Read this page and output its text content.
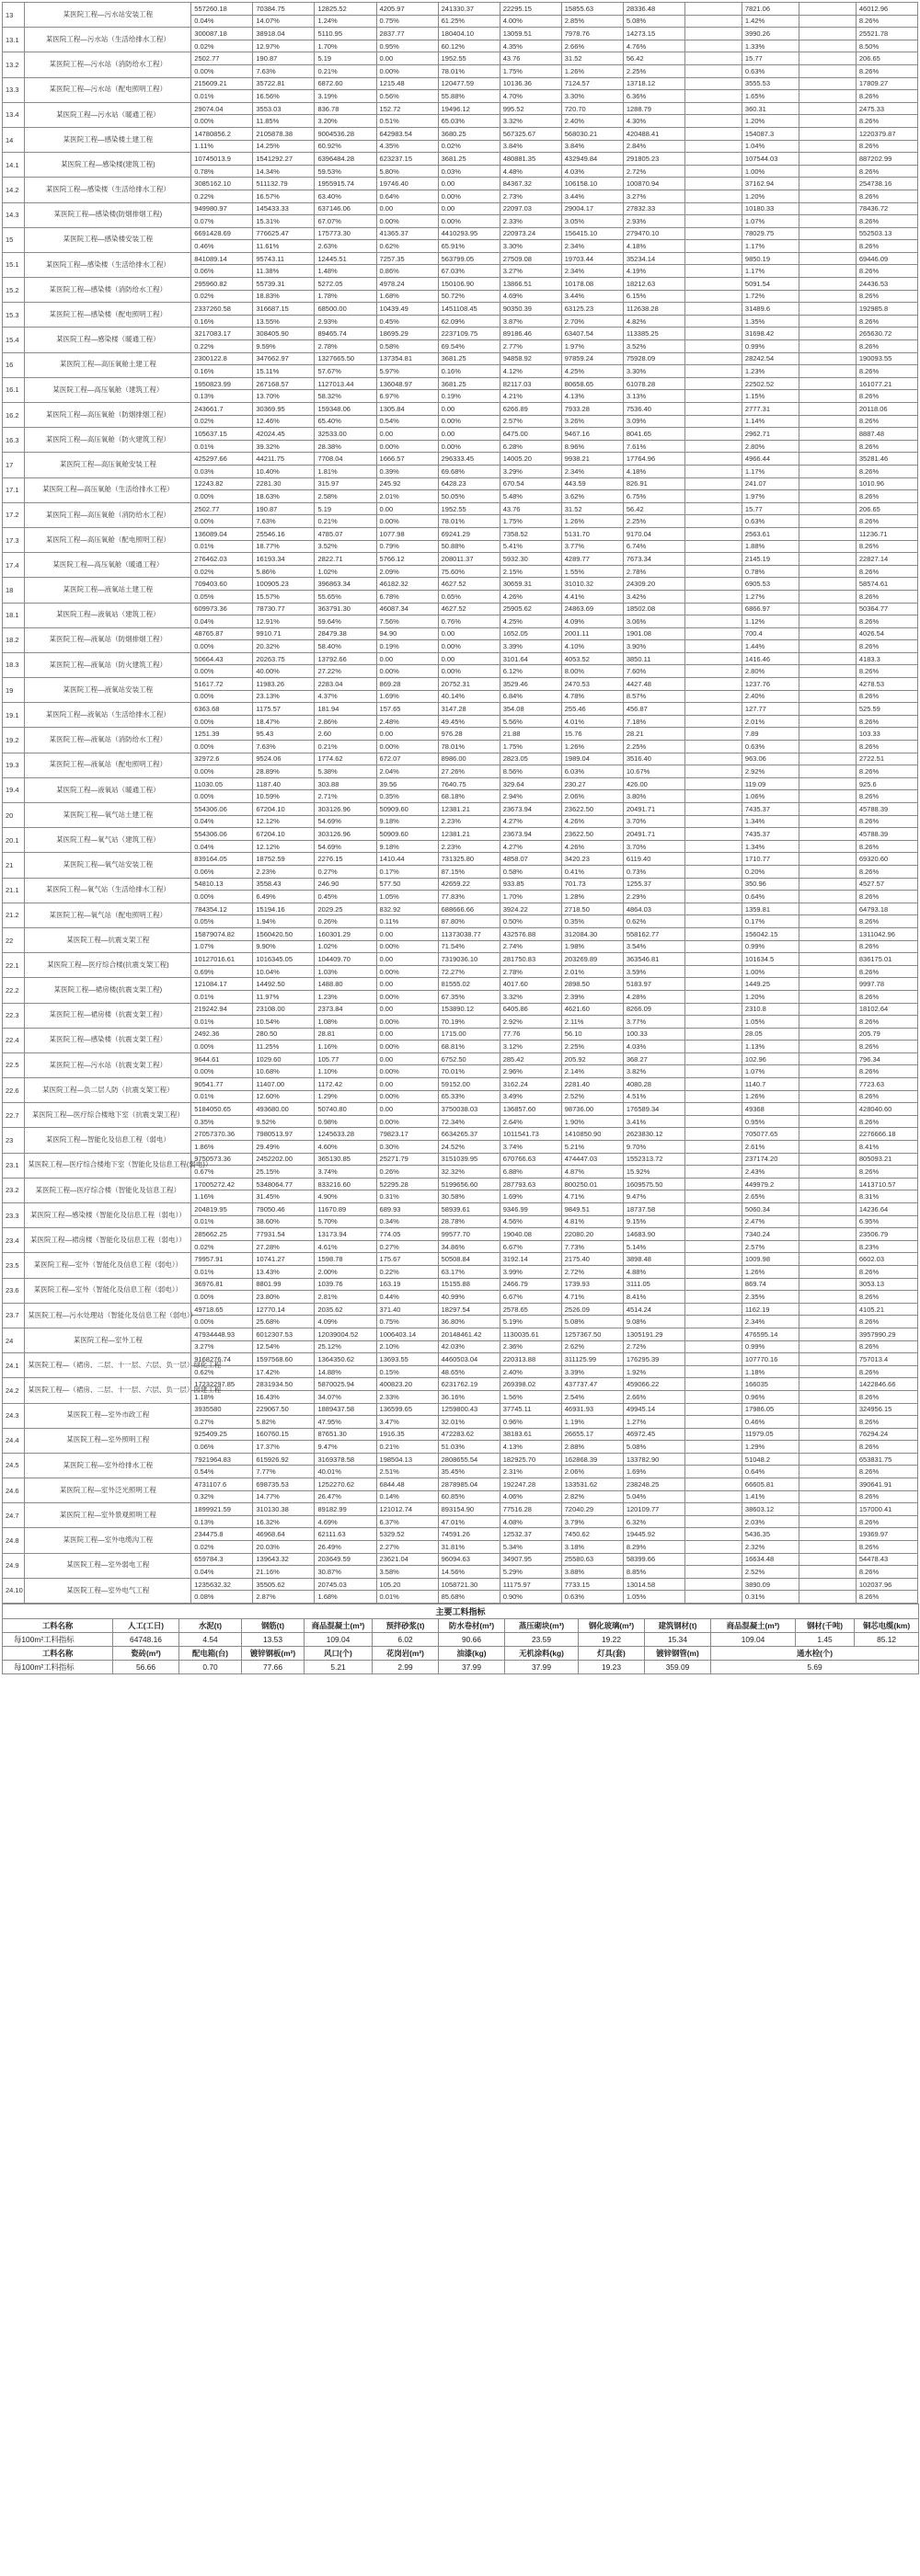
13	某医院工程—污水站安装工程	557260.18	70384.75	12825.52	4205.97	241330.37	22295.15	15855.63	28336.48		7821.06		46012.96
		0.04%	14.07%	1.24%	0.75%	61.25%	4.00%	2.85%	5.08%		1.42%		8.26%
13.1	某医院工程—污水站（生活给排水工程）	300087.18	38918.04	5110.95	2837.77	180404.10	13059.51	7978.76	14273.15		3990.26		25521.78
		0.02%	12.97%	1.70%	0.95%	60.12%	4.35%	2.66%	4.76%		1.33%		8.50%
13.2	某医院工程—污水站（消防给水工程）	2502.77	190.87	5.19	0.00	1952.55	43.76	31.52	56.42		15.77		206.65
		0.00%	7.63%	0.21%	0.00%	78.01%	1.75%	1.26%	2.25%		0.63%		8.26%
13.3	某医院工程—污水站（配电照明工程）	215609.21	35722.81	6872.60	1215.48	120477.59	10136.36	7124.57	13718.12		3555.53		17809.27
		0.01%	16.56%	3.19%	0.56%	55.88%	4.70%	3.30%	6.36%		1.65%		8.26%
13.4	某医院工程—污水站（暖通工程）	29074.04	3553.03	836.78	152.72	19496.12	995.52	720.70	1288.79		360.31		2475.33
		0.00%	11.85%	3.20%	0.51%	65.03%	3.32%	2.40%	4.30%		1.20%		8.26%
14	某医院工程—感染楼土建工程	14780856.2	2105878.38	9004536.28	642983.54	3680.25	567325.67	568030.21	420488.41		154087.3		1220379.87
		1.11%	14.25%	60.92%	4.35%	0.02%	3.84%	3.84%	2.84%		1.04%		8.26%
14.1	某医院工程—感染楼(建筑工程)	10745013.9	1541292.27	6396484.28	623237.15	3681.25	480881.35	432949.84	291805.23		107544.03		887202.99
		0.78%	14.34%	59.53%	5.80%	0.03%	4.48%	4.03%	2.72%		1.00%		8.26%
14.2	某医院工程—感染楼（生活给排水工程）	3085162.10	511132.79	1955915.74	19746.40	0.00	84367.32	106158.10	100870.94		37162.94		254738.16
		0.22%	16.57%	63.40%	0.64%	0.00%	2.73%	3.44%	3.27%		1.20%		8.26%
14.3	某医院工程—感染楼(防烟排烟工程)	949980.97	145433.33	637146.06	0.00	0.00	22097.03	29004.17	27832.33		10180.33		78436.72
		0.07%	15.31%	67.07%	0.00%	0.00%	2.33%	3.05%	2.93%		1.07%		8.26%
15	某医院工程—感染楼安装工程	6691428.69	776625.47	175773.30	41365.37	4410293.95	220973.24	156415.10	279470.10		78029.75		552503.13
		0.46%	11.61%	2.63%	0.62%	65.91%	3.30%	2.34%	4.18%		1.17%		8.26%
15.1	某医院工程—感染楼（生活给排水工程）	841089.14	95743.11	12445.51	7257.35	563799.05	27509.08	19703.44	35234.14		9850.19		69446.09
		0.06%	11.38%	1.48%	0.86%	67.03%	3.27%	2.34%	4.19%		1.17%		8.26%
15.2	某医院工程—感染楼（消防给水工程）	295960.82	55739.31	5272.05	4978.24	150106.90	13866.51	10178.08	18212.63		5091.54		24436.53
		0.02%	18.83%	1.78%	1.68%	50.72%	4.69%	3.44%	6.15%		1.72%		8.26%
15.3	某医院工程—感染楼（配电照明工程）	2337260.58	316687.15	68500.00	10439.49	1451108.45	90350.39	63125.23	112638.28		31489.6		192985.8
		0.16%	13.55%	2.93%	0.45%	62.09%	3.87%	2.70%	4.82%		1.35%		8.26%
15.4	某医院工程—感染楼（暖通工程）	3217083.17	308405.90	89465.74	18695.29	2237109.75	89186.46	63407.54	113385.25		31698.42		265630.72
		0.22%	9.59%	2.78%	0.58%	69.54%	2.77%	1.97%	3.52%		0.99%		8.26%
16	某医院工程—高压氧舱土建工程	2300122.8	347662.97	1327665.50	137354.81	3681.25	94858.92	97859.24	75928.09		28242.54		190093.55
		0.16%	15.11%	57.67%	5.97%	0.16%	4.12%	4.25%	3.30%		1.23%		8.26%
16.1	某医院工程—高压氧舱（建筑工程）	1950823.99	267168.57	1127013.44	136048.97	3681.25	82117.03	80658.65	61078.28		22502.52		161077.21
		0.13%	13.70%	58.32%	6.97%	0.19%	4.21%	4.13%	3.13%		1.15%		8.26%
16.2	某医院工程—高压氧舱（防烟排烟工程）	243661.7	30369.95	159348.06	1305.84	0.00	6266.89	7933.28	7536.40		2777.31		20118.06
		0.02%	12.46%	65.40%	0.54%	0.00%	2.57%	3.26%	3.09%		1.14%		8.26%
16.3	某医院工程—高压氧舱（防火建筑工程）	105637.15	42024.45	32533.00	0.00	0.00	6475.00	9467.16	8041.65		2962.71		8887.48
		0.01%	39.32%	28.38%	0.00%	0.00%	6.28%	8.96%	7.61%		2.80%		8.26%
17	某医院工程—高压氧舱安装工程	425297.66	44211.75	7708.04	1666.57	296333.45	14005.20	9938.21	17764.96		4966.44		35281.46
		0.03%	10.40%	1.81%	0.39%	69.68%	3.29%	2.34%	4.18%		1.17%		8.26%
17.1	某医院工程—高压氧舱（生活给排水工程）	12243.82	2281.30	315.97	245.92	6428.23	670.54	443.59	826.91		241.07		1010.96
		0.00%	18.63%	2.58%	2.01%	50.05%	5.48%	3.62%	6.75%		1.97%		8.26%
17.2	某医院工程—高压氧舱（消防给水工程）	2502.77	190.87	5.19	0.00	1952.55	43.76	31.52	56.42		15.77		206.65
		0.00%	7.63%	0.21%	0.00%	78.01%	1.75%	1.26%	2.25%		0.63%		8.26%
17.3	某医院工程—高压氧舱（配电照明工程）	136089.04	25546.16	4785.07	1077.98	69241.29	7358.52	5131.70	9170.04		2563.61		11236.71
		0.01%	18.77%	3.52%	0.79%	50.88%	5.41%	3.77%	6.74%		1.88%		8.26%
17.4	某医院工程—高压氧舱（暖通工程）	276462.03	16193.34	2822.71	5766.12	208011.37	5932.30	4289.77	7673.34		2145.19		22827.14
		0.02%	5.86%	1.02%	2.09%	75.60%	2.15%	1.55%	2.78%		0.78%		8.26%
18	某医院工程—液氧站土建工程	709403.60	100905.23	396863.34	46182.32	4627.52	30659.31	31010.32	24309.20		6905.53		58574.61
		0.05%	15.57%	55.65%	6.78%	0.65%	4.26%	4.41%	3.42%		1.27%		8.26%
18.1	某医院工程—液氧站（建筑工程）	609973.36	78730.77	363791.30	46087.34	4627.52	25905.62	24863.69	18502.08		6866.97		50364.77
		0.04%	12.91%	59.64%	7.56%	0.76%	4.25%	4.09%	3.06%		1.12%		8.26%
18.2	某医院工程—液氧站（防烟排烟工程）	48765.87	9910.71	28479.38	94.90	0.00	1652.05	2001.11	1901.08		700.4		4026.54
		0.00%	20.32%	58.40%	0.19%	0.00%	3.39%	4.10%	3.90%		1.44%		8.26%
18.3	某医院工程—液氧站（防火建筑工程）	50664.43	20263.75	13792.66	0.00	0.00	3101.64	4053.52	3850.11		1416.46		4183.3
		0.00%	40.00%	27.22%	0.00%	0.00%	6.12%	8.00%	7.60%		2.80%		8.26%
19	某医院工程—液氧站安装工程	51617.72	11983.26	2283.04	869.28	20752.31	3529.46	2470.53	4427.48		1237.76		4278.53
		0.00%	23.13%	4.37%	1.69%	40.14%	6.84%	4.78%	8.57%		2.40%		8.26%
19.1	某医院工程—液氧站（生活给排水工程）	6363.68	1175.57	181.94	157.65	3147.28	354.08	255.46	456.87		127.77		525.59
		0.00%	18.47%	2.86%	2.48%	49.45%	5.56%	4.01%	7.18%		2.01%		8.26%
19.2	某医院工程—液氧站（消防给水工程）	1251.39	95.43	2.60	0.00	976.28	21.88	15.76	28.21		7.89		103.33
		0.00%	7.63%	0.21%	0.00%	78.01%	1.75%	1.26%	2.25%		0.63%		8.26%
19.3	某医院工程—液氧站（配电照明工程）	32972.6	9524.06	1774.62	672.07	8986.00	2823.05	1989.04	3516.40		963.06		2722.51
		0.00%	28.89%	5.38%	2.04%	27.26%	8.56%	6.03%	10.67%		2.92%		8.26%
19.4	某医院工程—液氧站（暖通工程）	11030.05	1187.40	303.88	39.56	7640.75	329.64	230.27	426.00		119.09		925.6
		0.00%	10.59%	2.71%	0.35%	68.18%	2.94%	2.06%	3.80%		1.06%		8.26%
20	某医院工程—氧气站土建工程	554306.06	67204.10	303126.96	50909.60	12381.21	23673.94	23622.50	20491.71		7435.37		45788.39
		0.04%	12.12%	54.69%	9.18%	2.23%	4.27%	4.26%	3.70%		1.34%		8.26%
20.1	某医院工程—氧气站（建筑工程）	554306.06	67204.10	303126.96	50909.60	12381.21	23673.94	23622.50	20491.71		7435.37		45788.39
		0.04%	12.12%	54.69%	9.18%	2.23%	4.27%	4.26%	3.70%		1.34%		8.26%
21	某医院工程—氧气站安装工程	839164.05	18752.59	2276.15	1410.44	731325.80	4858.07	3420.23	6119.40		1710.77		69320.60
		0.06%	2.23%	0.27%	0.17%	87.15%	0.58%	0.41%	0.73%		0.20%		8.26%
21.1	某医院工程—氧气站（生活给排水工程）	54810.13	3558.43	246.90	577.50	42659.22	933.85	701.73	1255.37		350.96		4527.57
		0.00%	6.49%	0.45%	1.05%	77.83%	1.70%	1.28%	2.29%		0.64%		8.26%
21.2	某医院工程—氧气站（配电照明工程）	784354.12	15194.16	2029.25	832.92	688666.66	3924.22	2718.50	4864.03		1359.81		64793.18
		0.05%	1.94%	0.26%	0.11%	87.80%	0.50%	0.35%	0.62%		0.17%		8.26%
22	某医院工程—抗震支架工程	15879074.82	1560420.50	160301.29	0.00	11373038.77	432576.88	312084.30	558162.77		156042.15		1311042.96
		1.07%	9.90%	1.02%	0.00%	71.54%	2.74%	1.98%	3.54%		0.99%		8.26%
22.1	某医院工程—医疗综合楼(抗震支架工程)	10127016.61	1016345.05	104409.70	0.00	7319036.10	281750.83	203269.89	363546.81		101634.5		836175.01
		0.69%	10.04%	1.03%	0.00%	72.27%	2.78%	2.01%	3.59%		1.00%		8.26%
22.2	某医院工程—裙房楼(抗震支架工程)	121084.17	14492.50	1488.80	0.00	81555.02	4017.60	2898.50	5183.97		1449.25		9997.78
		0.01%	11.97%	1.23%	0.00%	67.35%	3.32%	2.39%	4.28%		1.20%		8.26%
22.3	某医院工程—裙房楼（抗震支架工程）	219242.94	23108.00	2373.84	0.00	153890.12	6405.86	4621.60	8266.09		2310.8		18102.64
		0.01%	10.54%	1.08%	0.00%	70.19%	2.92%	2.11%	3.77%		1.05%		8.26%
22.4	某医院工程—感染楼（抗震支架工程）	2492.36	280.50	28.81	0.00	1715.00	77.76	56.10	100.33		28.05		205.79
		0.00%	11.25%	1.16%	0.00%	68.81%	3.12%	2.25%	4.03%		1.13%		8.26%
22.5	某医院工程—污水站（抗震支架工程）	9644.61	1029.60	105.77	0.00	6752.50	285.42	205.92	368.27		102.96		796.34
		0.00%	10.68%	1.10%	0.00%	70.01%	2.96%	2.14%	3.82%		1.07%		8.26%
22.6	某医院工程—负二层人防（抗震支架工程）	90541.77	11407.00	1172.42	0.00	59152.00	3162.24	2281.40	4080.28		1140.7		7723.63
		0.01%	12.60%	1.29%	0.00%	65.33%	3.49%	2.52%	4.51%		1.26%		8.26%
22.7	某医院工程—医疗综合楼地下室（抗震支架工程）	5184050.65	493680.00	50740.80	0.00	3750038.03	136857.60	98736.00	176589.34		49368		428040.60
		0.35%	9.52%	0.98%	0.00%	72.34%	2.64%	1.90%	3.41%		0.95%		8.26%
23	某医院工程—智能化及信息工程（弱电）	27057370.36	7980513.97	1245633.28	79823.17	6634265.37	1011541.73	1410850.90	2623830.12		705077.65		2276666.18
		1.86%	29.49%	4.60%	0.30%	24.52%	3.74%	5.21%	9.70%		2.61%		8.41%
23.1	某医院工程—医疗综合楼地下室（智能化及信息工程(弱电)）	9750573.36	2452202.00	365130.85	25271.79	3151039.95	670766.63	474447.03	1552313.72		237174.20		805093.21
		0.67%	25.15%	3.74%	0.26%	32.32%	6.88%	4.87%	15.92%		2.43%		8.26%
23.2	某医院工程—医疗综合楼（智能化及信息工程）	17005272.42	5348064.77	833216.60	52295.28	5199656.60	287793.63	800250.01	1609575.50		449979.2		1413710.57
		1.16%	31.45%	4.90%	0.31%	30.58%	1.69%	4.71%	9.47%		2.65%		8.31%
23.3	某医院工程—感染楼（智能化及信息工程（弱电））	204819.95	79050.46	11670.89	689.93	58939.61	9346.99	9849.51	18737.58		5060.34		14236.64
		0.01%	38.60%	5.70%	0.34%	28.78%	4.56%	4.81%	9.15%		2.47%		6.95%
23.4	某医院工程—裙房楼（智能化及信息工程（弱电））	285662.25	77931.54	13173.94	774.05	99577.70	19040.08	22080.20	14683.90		7340.24		23506.79
		0.02%	27.28%	4.61%	0.27%	34.86%	6.67%	7.73%	5.14%		2.57%		8.23%
23.5	某医院工程—室外（智能化及信息工程（弱电））	79957.91	10741.27	1598.78	175.67	50508.84	3192.14	2175.40	3898.48		1009.98		6602.03
		0.01%	13.43%	2.00%	0.22%	63.17%	3.99%	2.72%	4.88%		1.26%		8.26%
23.6	某医院工程—室外（智能化及信息工程（弱电））	36976.81	8801.99	1039.76	163.19	15155.88	2466.79	1739.93	3111.05		869.74		3053.13
		0.00%	23.80%	2.81%	0.44%	40.99%	6.67%	4.71%	8.41%		2.35%		8.26%
23.7	某医院工程—污水处理站（智能化及信息工程（弱电））	49718.65	12770.14	2035.62	371.40	18297.54	2578.65	2526.09	4514.24		1162.19		4105.21
		0.00%	25.68%	4.09%	0.75%	36.80%	5.19%	5.08%	9.08%		2.34%		8.26%
24	某医院工程—室外工程	47934448.93	6012307.53	12039004.52	1006403.14	20148461.42	1130035.61	1257367.50	1305191.29		476595.14		3957990.29
		3.27%	12.54%	25.12%	2.10%	42.03%	2.36%	2.62%	2.72%		0.99%		8.26%
24.1	某医院工程—（裙房、二层、十一层、六层、负一层）绿化工程	9168276.74	1597568.60	1364350.62	13693.55	4460503.04	220313.88	311125.99	176295.39		107770.16		757013.4
		0.62%	17.42%	14.88%	0.15%	48.65%	2.40%	3.39%	1.92%		1.18%		8.26%
24.2	某医院工程—（裙房、二层、十一层、六层、负一层）园建工程	17232297.85	2831934.50	5870025.94	400823.20	6231762.19	269398.02	437737.47	459066.22		166035		1422846.66
		1.18%	16.43%	34.07%	2.33%	36.16%	1.56%	2.54%	2.66%		0.96%		8.26%
24.3	某医院工程—室外市政工程	3935580	229067.50	1889437.58	136599.65	1259800.43	37745.11	46931.93	49945.14		17986.05		324956.15
		0.27%	5.82%	47.95%	3.47%	32.01%	0.96%	1.19%	1.27%		0.46%		8.26%
24.4	某医院工程—室外照明工程	925409.25	160760.15	87651.30	1916.35	472283.62	38183.61	26655.17	46972.45		11979.05		76294.24
		0.06%	17.37%	9.47%	0.21%	51.03%	4.13%	2.88%	5.08%		1.29%		8.26%
24.5	某医院工程—室外给排水工程	7921964.83	615926.92	3169378.58	198504.13	2808655.54	182925.70	162868.39	133782.90		51048.2		653831.75
		0.54%	7.77%	40.01%	2.51%	35.45%	2.31%	2.06%	1.69%		0.64%		8.26%
24.6	某医院工程—室外泛光照明工程	4731107.6	698735.53	1252270.62	6844.48	2878985.04	192247.28	133531.62	238248.25		66605.81		390641.91
		0.32%	14.77%	26.47%	0.14%	60.85%	4.06%	2.82%	5.04%		1.41%		8.26%
24.7	某医院工程—室外景观照明工程	1899921.59	310130.38	89182.99	121012.74	893154.90	77516.28	72040.29	120109.77		38603.12		157000.41
		0.13%	16.32%	4.69%	6.37%	47.01%	4.08%	3.79%	6.32%		2.03%		8.26%
24.8	某医院工程—室外电缆沟工程	234475.8	46968.64	62111.63	5329.52	74591.26	12532.37	7450.62	19445.92		5436.35		19369.97
		0.02%	20.03%	26.49%	2.27%	31.81%	5.34%	3.18%	8.29%		2.32%		8.26%
24.9	某医院工程—室外弱电工程	659784.3	139643.32	203649.59	23621.04	96094.63	34907.95	25580.63	58399.66		16634.48		54478.43
		0.04%	21.16%	30.87%	3.58%	14.56%	5.29%	3.88%	8.85%		2.52%		8.26%
24.10	某医院工程—室外电气工程	1235632.32	35505.62	20745.03	105.20	1058721.30	11175.97	7733.15	13014.58		3890.09		102037.96
		0.08%	2.87%	1.68%	0.01%	85.68%	0.90%	0.63%	1.05%		0.31%		8.26%
主要工料指标												
工料名称	人工(工日)	水泥(t)	钢筋(t)	商品混凝土(m³)	预拌砂浆(t)	防水卷材(m²)	蒸压砌块(m³)	钢化玻璃(m²)	建筑钢材(t)	商品混凝土(m³)	钢材(千吨)	铜芯电缆(km)
每100m²工料指标	64748.16	4.54	13.53	109.04	6.02	90.66	23.59	19.22	15.34	109.04	1.45	85.12
工料名称	瓷砖(m²)	配电箱(台)	镀锌钢板(m²)	风口(个)	花岗岩(m²)	油漆(kg)	无机涂料(kg)	灯具(套)	镀锌钢管(m)	通水栓(个)		
每100m²工料指标	56.66	0.70	77.66	5.21	2.99	37.99	37.99	19.23	359.09	5.69		
